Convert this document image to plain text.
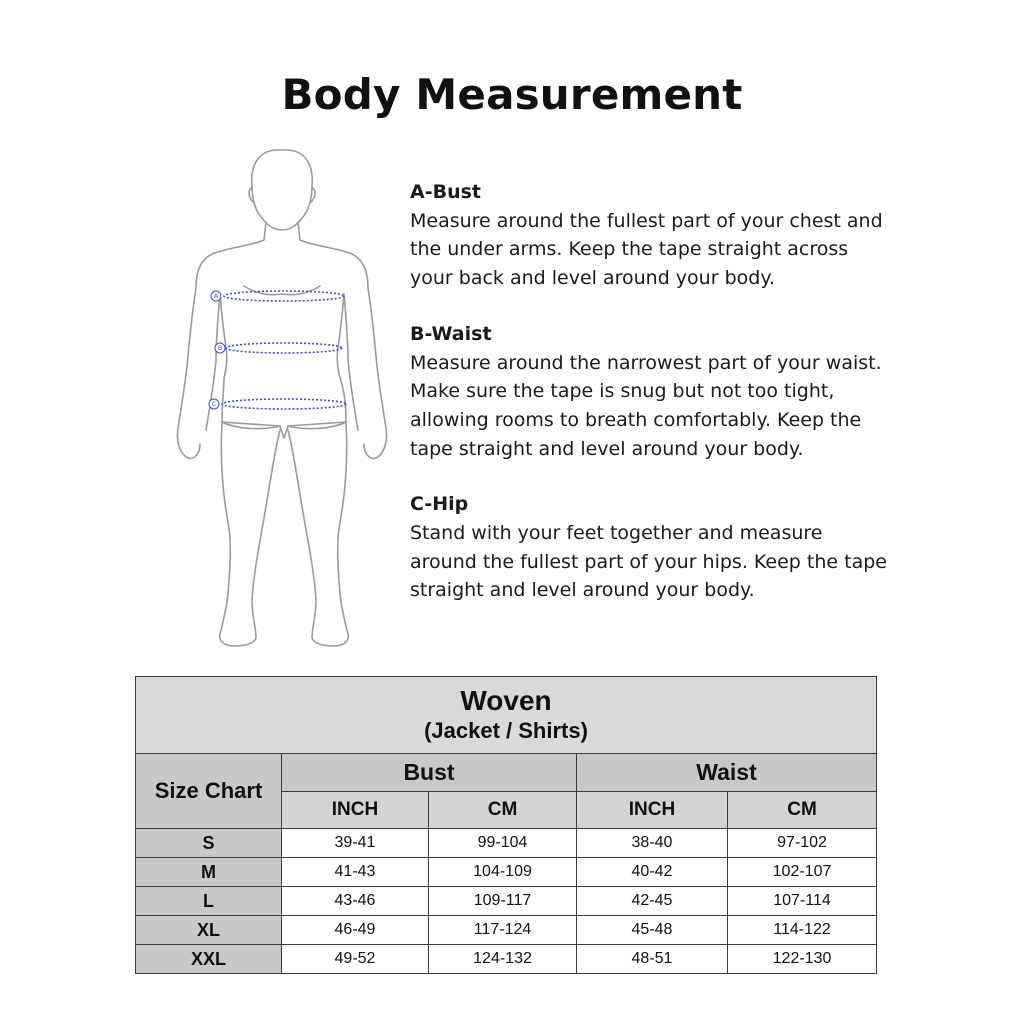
Body Measurement
A
B
C
A-Bust
Measure around the fullest part of your chest and the under arms. Keep the tape straight across your back and level around your body.
B-Waist
Measure around the narrowest part of your waist. Make sure the tape is snug but not too tight, allowing rooms to breath comfortably. Keep the tape straight and level around your body.
C-Hip
Stand with your feet together and measure around the fullest part of your hips. Keep the tape straight and level around your body.
Woven
(Jacket / Shirts)				

Size Chart	Bust		Waist	
	INCH	CM	INCH	CM
S	39-41	99-104	38-40	97-102
M	41-43	104-109	40-42	102-107
L	43-46	109-117	42-45	107-114
XL	46-49	117-124	45-48	114-122
XXL	49-52	124-132	48-51	122-130
